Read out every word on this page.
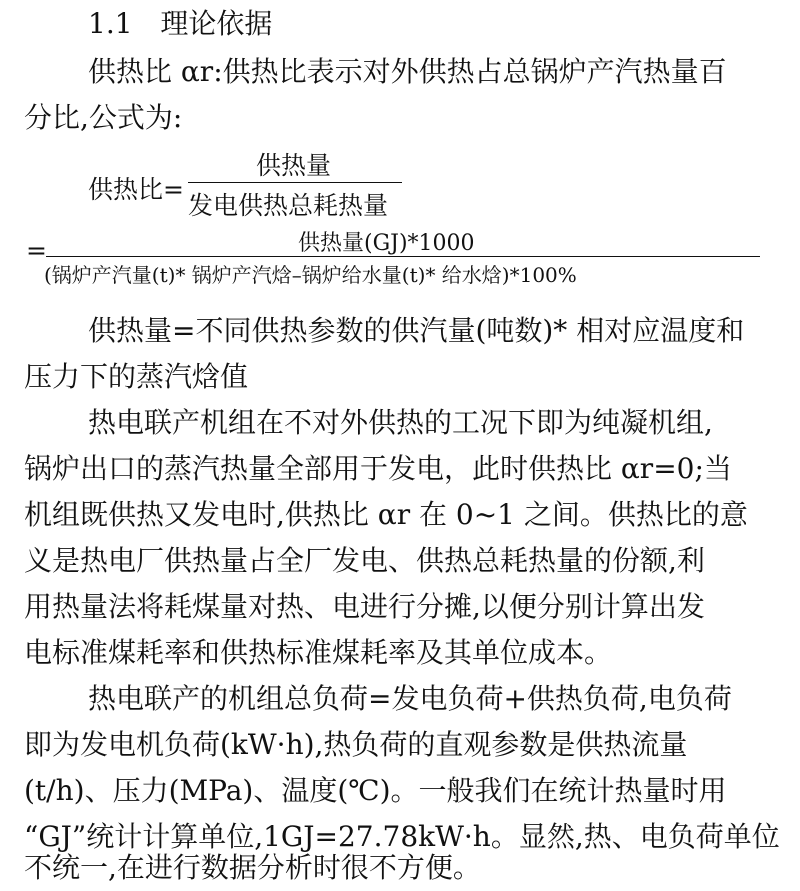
1.1 理论依据
供热比 αr:供热比表示对外供热占总锅炉产汽热量百
分比,公式为:
供热比=
供热量
发电供热总耗热量
=	供热量(GJ)*1000
(锅炉产汽量(t)* 锅炉产汽焓–锅炉给水量(t)* 给水焓)*100%
供热量=不同供热参数的供汽量(吨数)* 相对应温度和
压力下的蒸汽焓值
热电联产机组在不对外供热的工况下即为纯凝机组,
锅炉出口的蒸汽热量全部用于发电，此时供热比 αr=0;当
机组既供热又发电时,供热比 αr 在 0~1 之间。供热比的意
义是热电厂供热量占全厂发电、供热总耗热量的份额,利
用热量法将耗煤量对热、电进行分摊,以便分别计算出发
电标准煤耗率和供热标准煤耗率及其单位成本。
热电联产的机组总负荷=发电负荷+供热负荷,电负荷
即为发电机负荷(kW·h),热负荷的直观参数是供热流量
(t/h)、压力(MPa)、温度(℃)。一般我们在统计热量时用
“GJ”统计计算单位,1GJ=27.78kW·h。显然,热、电负荷单位
不统一,在进行数据分析时很不方便。
